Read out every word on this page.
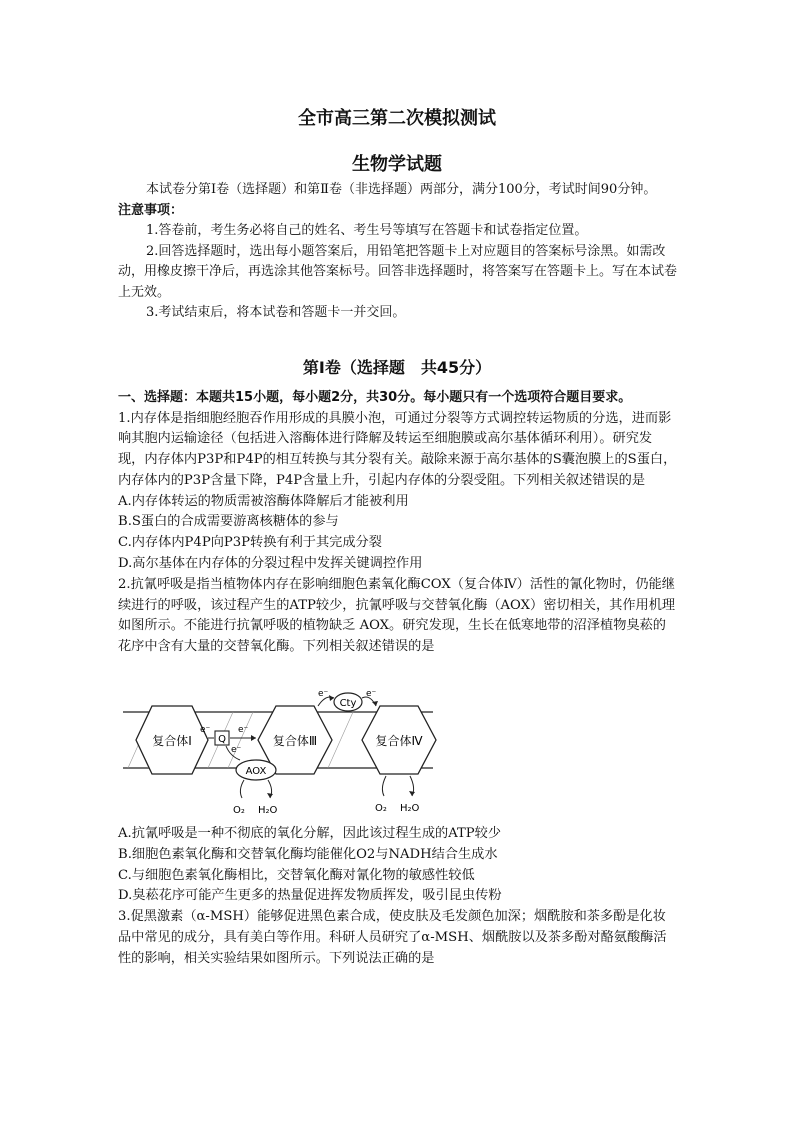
全市高三第二次模拟测试
生物学试题

本试卷分第Ⅰ卷（选择题）和第Ⅱ卷（非选择题）两部分，满分100分，考试时间90分钟。

注意事项：

1.答卷前，考生务必将自己的姓名、考生号等填写在答题卡和试卷指定位置。

2.回答选择题时，选出每小题答案后，用铅笔把答题卡上对应题目的答案标号涂黑。如需改动，用橡皮擦干净后，再选涂其他答案标号。回答非选择题时，将答案写在答题卡上。写在本试卷上无效。

3.考试结束后，将本试卷和答题卡一并交回。

第Ⅰ卷（选择题　共45分）

一、选择题：本题共15小题，每小题2分，共30分。每小题只有一个选项符合题目要求。

1.内存体是指细胞经胞吞作用形成的具膜小泡，可通过分裂等方式调控转运物质的分选，进而影响其胞内运输途径（包括进入溶酶体进行降解及转运至细胞膜或高尔基体循环利用）。研究发现，内存体内P3P和P4P的相互转换与其分裂有关。敲除来源于高尔基体的S囊泡膜上的S蛋白，内存体内的P3P含量下降，P4P含量上升，引起内存体的分裂受阻。下列相关叙述错误的是

A.内存体转运的物质需被溶酶体降解后才能被利用

B.S蛋白的合成需要游离核糖体的参与

C.内存体内P4P向P3P转换有利于其完成分裂

D.高尔基体在内存体的分裂过程中发挥关键调控作用

2.抗氰呼吸是指当植物体内存在影响细胞色素氧化酶COX（复合体Ⅳ）活性的氰化物时，仍能继续进行的呼吸，该过程产生的ATP较少，抗氰呼吸与交替氧化酶（AOX）密切相关，其作用机理如图所示。不能进行抗氰呼吸的植物缺乏 AOX。研究发现，生长在低寒地带的沼泽植物臭菘的花序中含有大量的交替氧化酶。下列相关叙述错误的是

复合体Ⅰ	复合体Ⅲ	复合体Ⅳ
Q
e⁻	e⁻
e⁻
AOX
O₂ H₂O
Cty
e⁻	e⁻
O₂ H₂O

A.抗氰呼吸是一种不彻底的氧化分解，因此该过程生成的ATP较少

B.细胞色素氧化酶和交替氧化酶均能催化O2与NADH结合生成水

C.与细胞色素氧化酶相比，交替氧化酶对氰化物的敏感性较低

D.臭菘花序可能产生更多的热量促进挥发物质挥发，吸引昆虫传粉

3.促黑激素（α-MSH）能够促进黑色素合成，使皮肤及毛发颜色加深；烟酰胺和茶多酚是化妆品中常见的成分，具有美白等作用。科研人员研究了α-MSH、烟酰胺以及茶多酚对酪氨酸酶活性的影响，相关实验结果如图所示。下列说法正确的是
